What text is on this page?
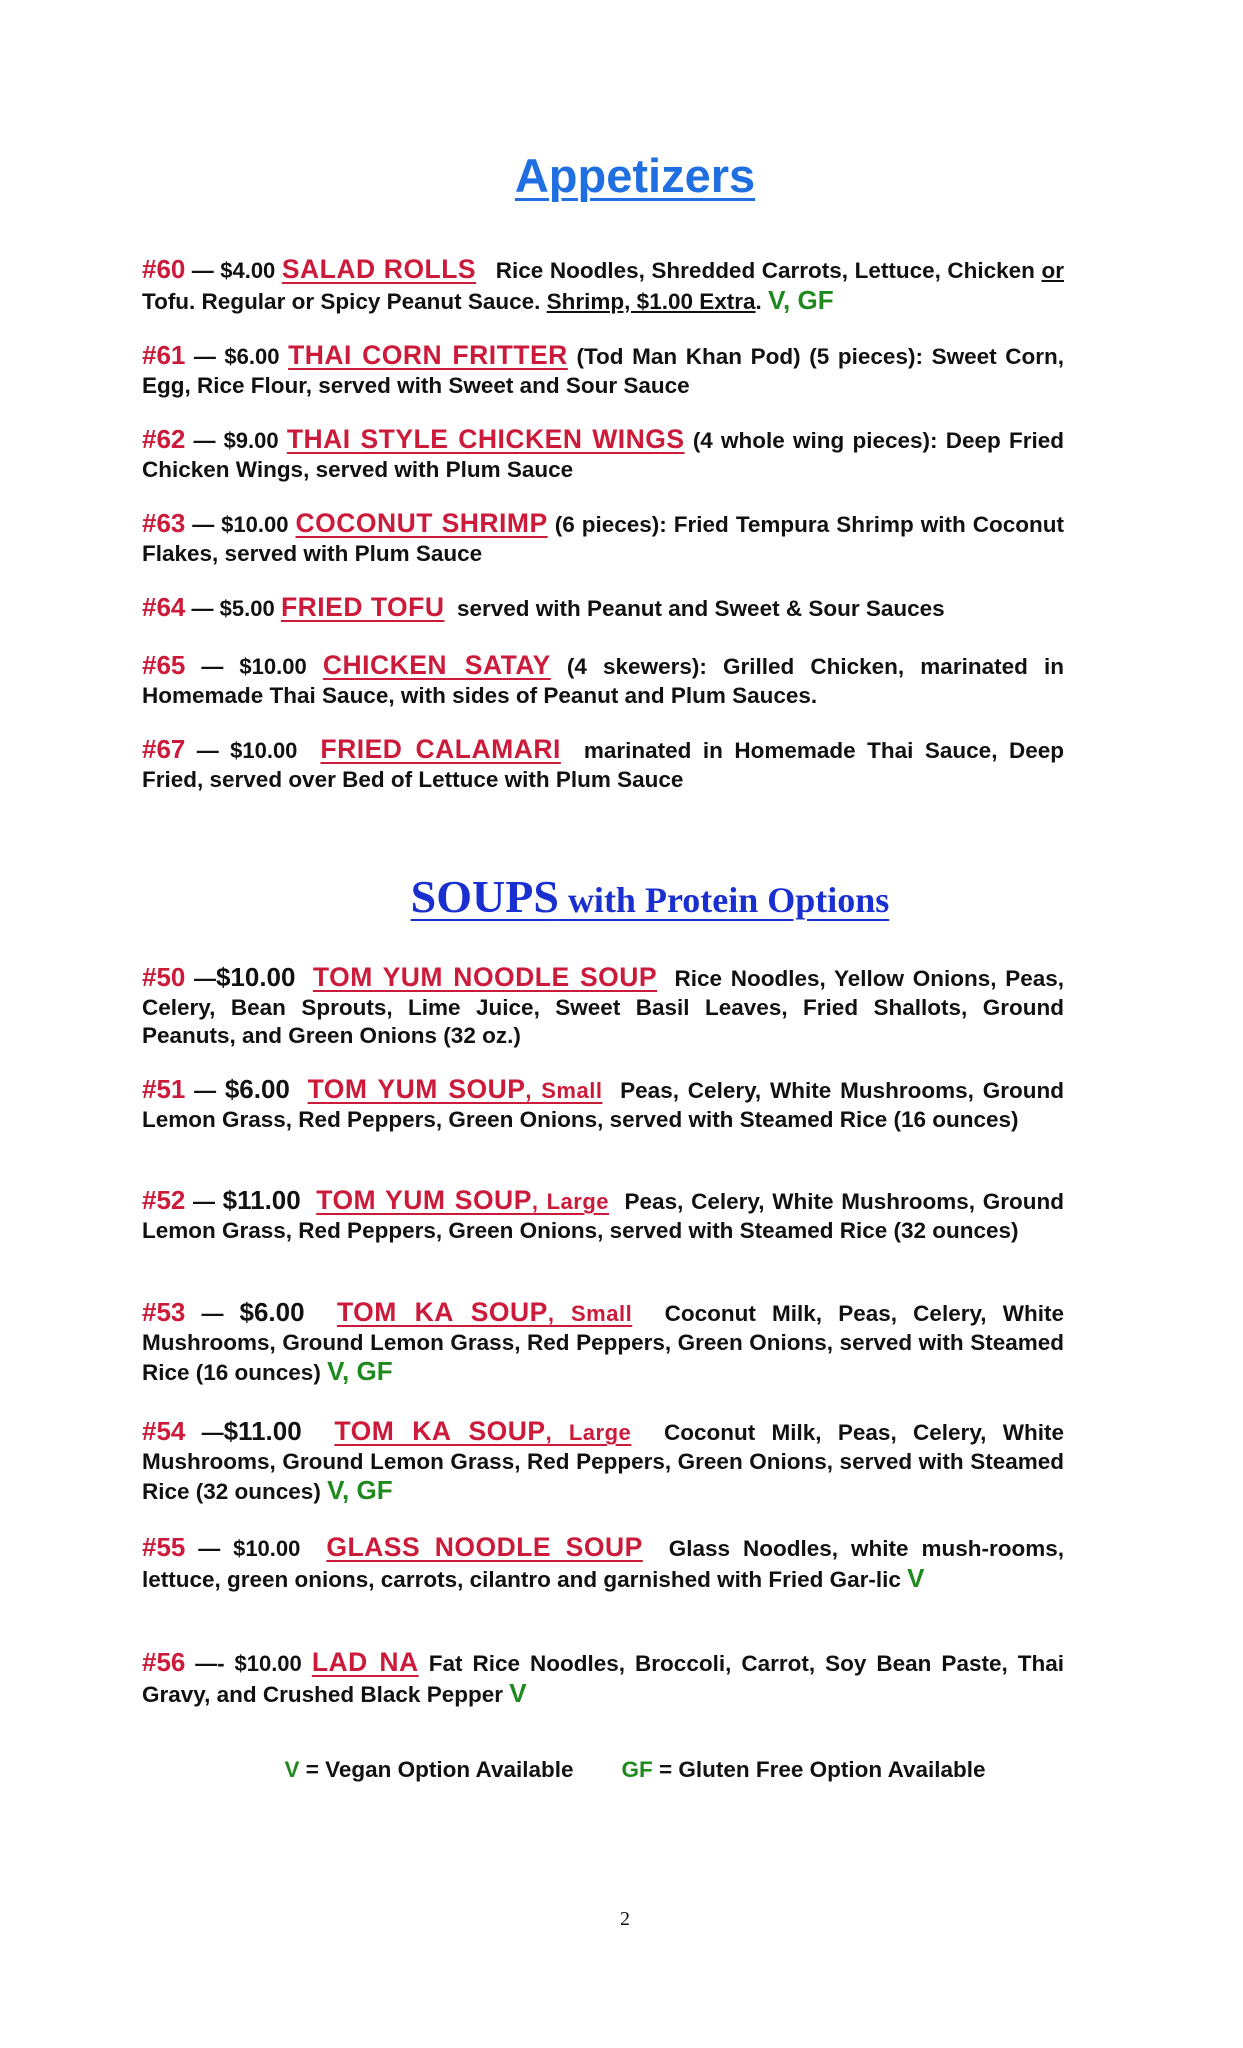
Appetizers
#60 — $4.00 SALAD ROLLS Rice Noodles, Shredded Carrots, Lettuce, Chicken or Tofu. Regular or Spicy Peanut Sauce. Shrimp, $1.00 Extra. V, GF
#61 — $6.00 THAI CORN FRITTER (Tod Man Khan Pod) (5 pieces): Sweet Corn, Egg, Rice Flour, served with Sweet and Sour Sauce
#62 — $9.00 THAI STYLE CHICKEN WINGS (4 whole wing pieces): Deep Fried Chicken Wings, served with Plum Sauce
#63 — $10.00 COCONUT SHRIMP (6 pieces): Fried Tempura Shrimp with Coconut Flakes, served with Plum Sauce
#64 — $5.00 FRIED TOFU served with Peanut and Sweet & Sour Sauces
#65 — $10.00 CHICKEN SATAY (4 skewers): Grilled Chicken, marinated in Homemade Thai Sauce, with sides of Peanut and Plum Sauces.
#67 — $10.00 FRIED CALAMARI marinated in Homemade Thai Sauce, Deep Fried, served over Bed of Lettuce with Plum Sauce
SOUPS with Protein Options
#50 —$10.00 TOM YUM NOODLE SOUP Rice Noodles, Yellow Onions, Peas, Celery, Bean Sprouts, Lime Juice, Sweet Basil Leaves, Fried Shallots, Ground Peanuts, and Green Onions (32 oz.)
#51 — $6.00 TOM YUM SOUP, Small Peas, Celery, White Mushrooms, Ground Lemon Grass, Red Peppers, Green Onions, served with Steamed Rice (16 ounces)
#52 — $11.00 TOM YUM SOUP, Large Peas, Celery, White Mushrooms, Ground Lemon Grass, Red Peppers, Green Onions, served with Steamed Rice (32 ounces)
#53 — $6.00 TOM KA SOUP, Small Coconut Milk, Peas, Celery, White Mushrooms, Ground Lemon Grass, Red Peppers, Green Onions, served with Steamed Rice (16 ounces) V, GF
#54 —$11.00 TOM KA SOUP, Large Coconut Milk, Peas, Celery, White Mushrooms, Ground Lemon Grass, Red Peppers, Green Onions, served with Steamed Rice (32 ounces) V, GF
#55 — $10.00 GLASS NOODLE SOUP Glass Noodles, white mush-rooms, lettuce, green onions, carrots, cilantro and garnished with Fried Gar-lic V
#56 —- $10.00 LAD NA Fat Rice Noodles, Broccoli, Carrot, Soy Bean Paste, Thai Gravy, and Crushed Black Pepper V
V = Vegan Option Available GF = Gluten Free Option Available
2
